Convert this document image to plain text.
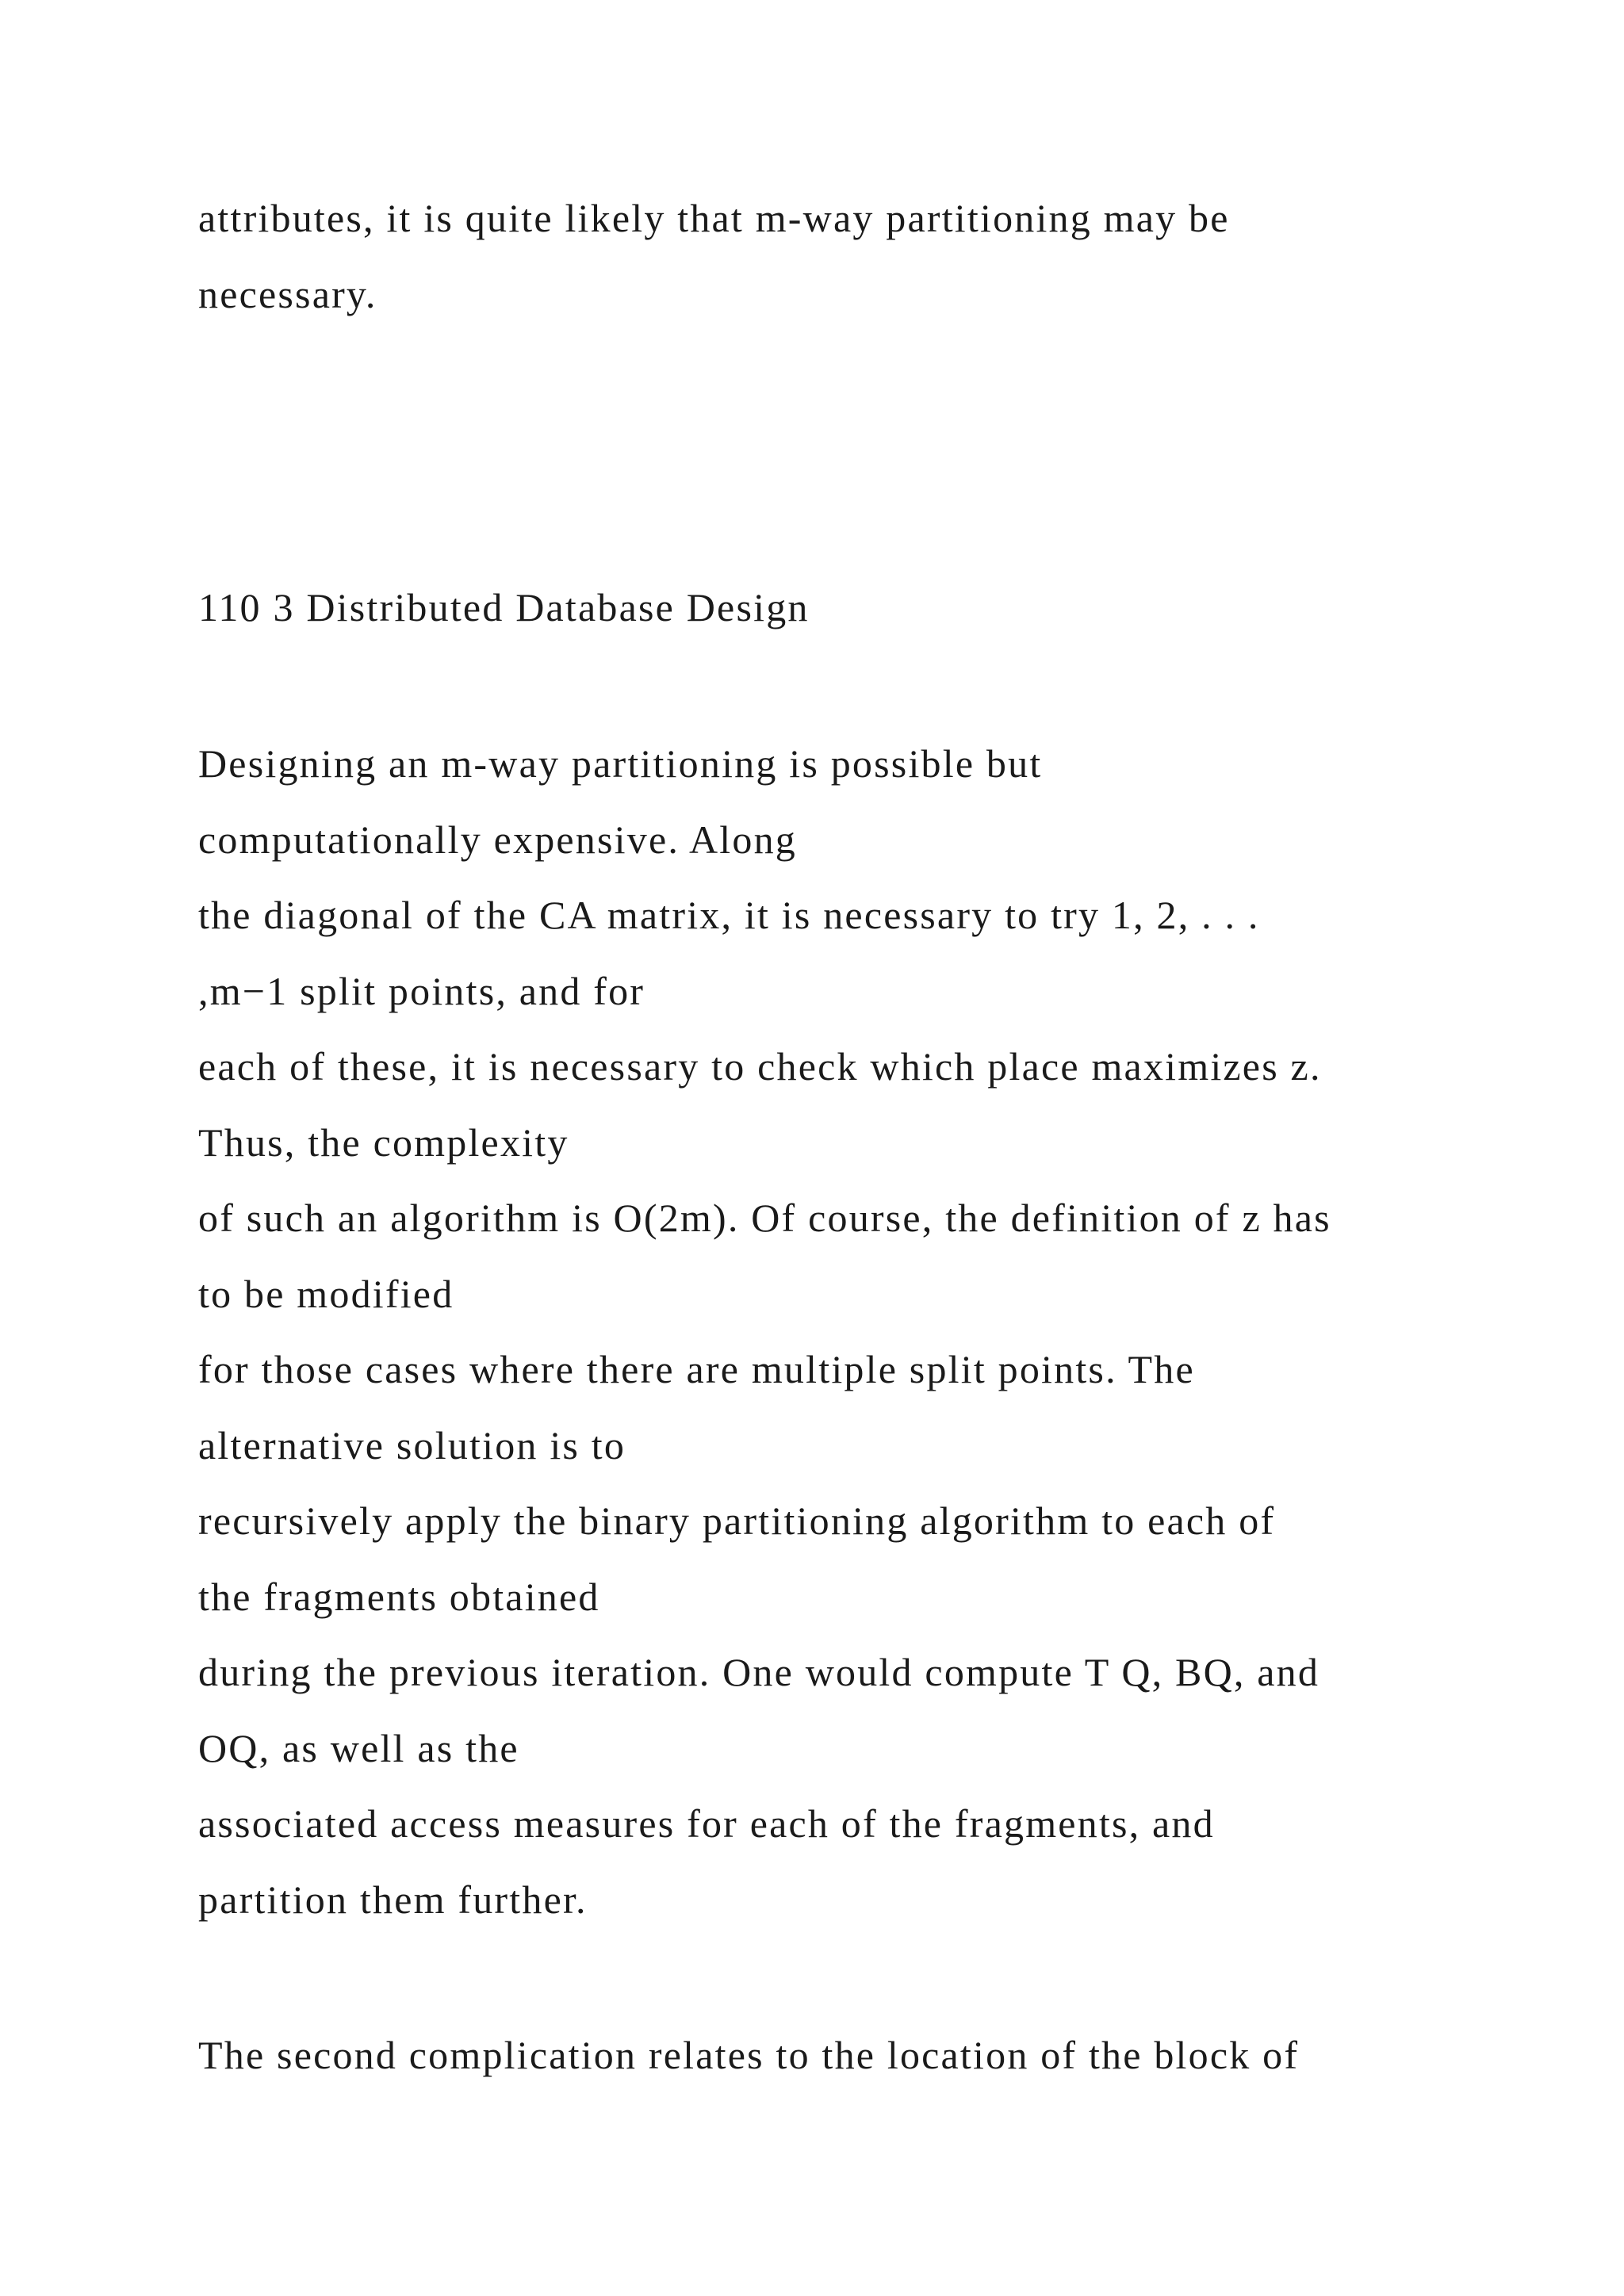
attributes, it is quite likely that m-way partitioning may be

necessary.

110 3 Distributed Database Design

Designing an m-way partitioning is possible but

computationally expensive. Along

the diagonal of the CA matrix, it is necessary to try 1, 2, . . .

,m−1 split points, and for

each of these, it is necessary to check which place maximizes z.

Thus, the complexity

of such an algorithm is O(2m). Of course, the definition of z has

to be modified

for those cases where there are multiple split points. The

alternative solution is to

recursively apply the binary partitioning algorithm to each of

the fragments obtained

during the previous iteration. One would compute T Q, BQ, and

OQ, as well as the

associated access measures for each of the fragments, and

partition them further.

The second complication relates to the location of the block of
